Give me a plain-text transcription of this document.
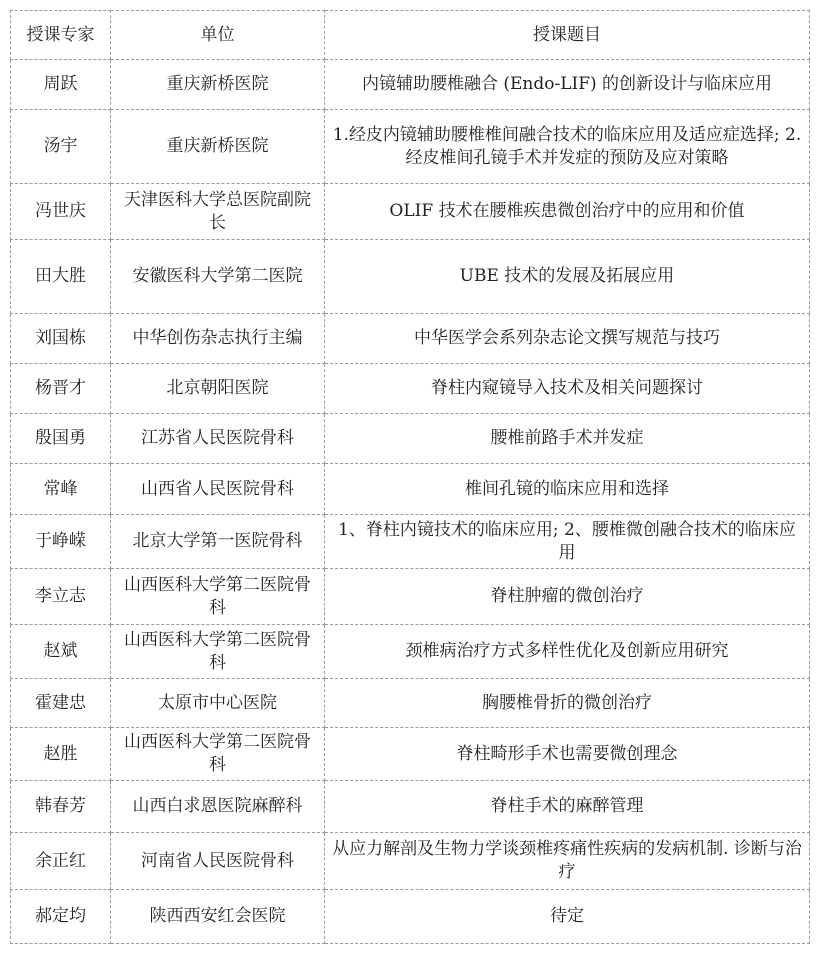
授课专家	单位	授课题目
周跃	重庆新桥医院	内镜辅助腰椎融合 (Endo-LIF) 的创新设计与临床应用
汤宇	重庆新桥医院	1.经皮内镜辅助腰椎椎间融合技术的临床应用及适应症选择; 2.经皮椎间孔镜手术并发症的预防及应对策略
冯世庆	天津医科大学总医院副院长	OLIF 技术在腰椎疾患微创治疗中的应用和价值
田大胜	安徽医科大学第二医院	UBE 技术的发展及拓展应用
刘国栋	中华创伤杂志执行主编	中华医学会系列杂志论文撰写规范与技巧
杨晋才	北京朝阳医院	脊柱内窥镜导入技术及相关问题探讨
殷国勇	江苏省人民医院骨科	腰椎前路手术并发症
常峰	山西省人民医院骨科	椎间孔镜的临床应用和选择
于峥嵘	北京大学第一医院骨科	1、脊柱内镜技术的临床应用; 2、腰椎微创融合技术的临床应用
李立志	山西医科大学第二医院骨科	脊柱肿瘤的微创治疗
赵斌	山西医科大学第二医院骨科	颈椎病治疗方式多样性优化及创新应用研究
霍建忠	太原市中心医院	胸腰椎骨折的微创治疗
赵胜	山西医科大学第二医院骨科	脊柱畸形手术也需要微创理念
韩春芳	山西白求恩医院麻醉科	脊柱手术的麻醉管理
余正红	河南省人民医院骨科	从应力解剖及生物力学谈颈椎疼痛性疾病的发病机制. 诊断与治疗
郝定均	陕西西安红会医院	待定
